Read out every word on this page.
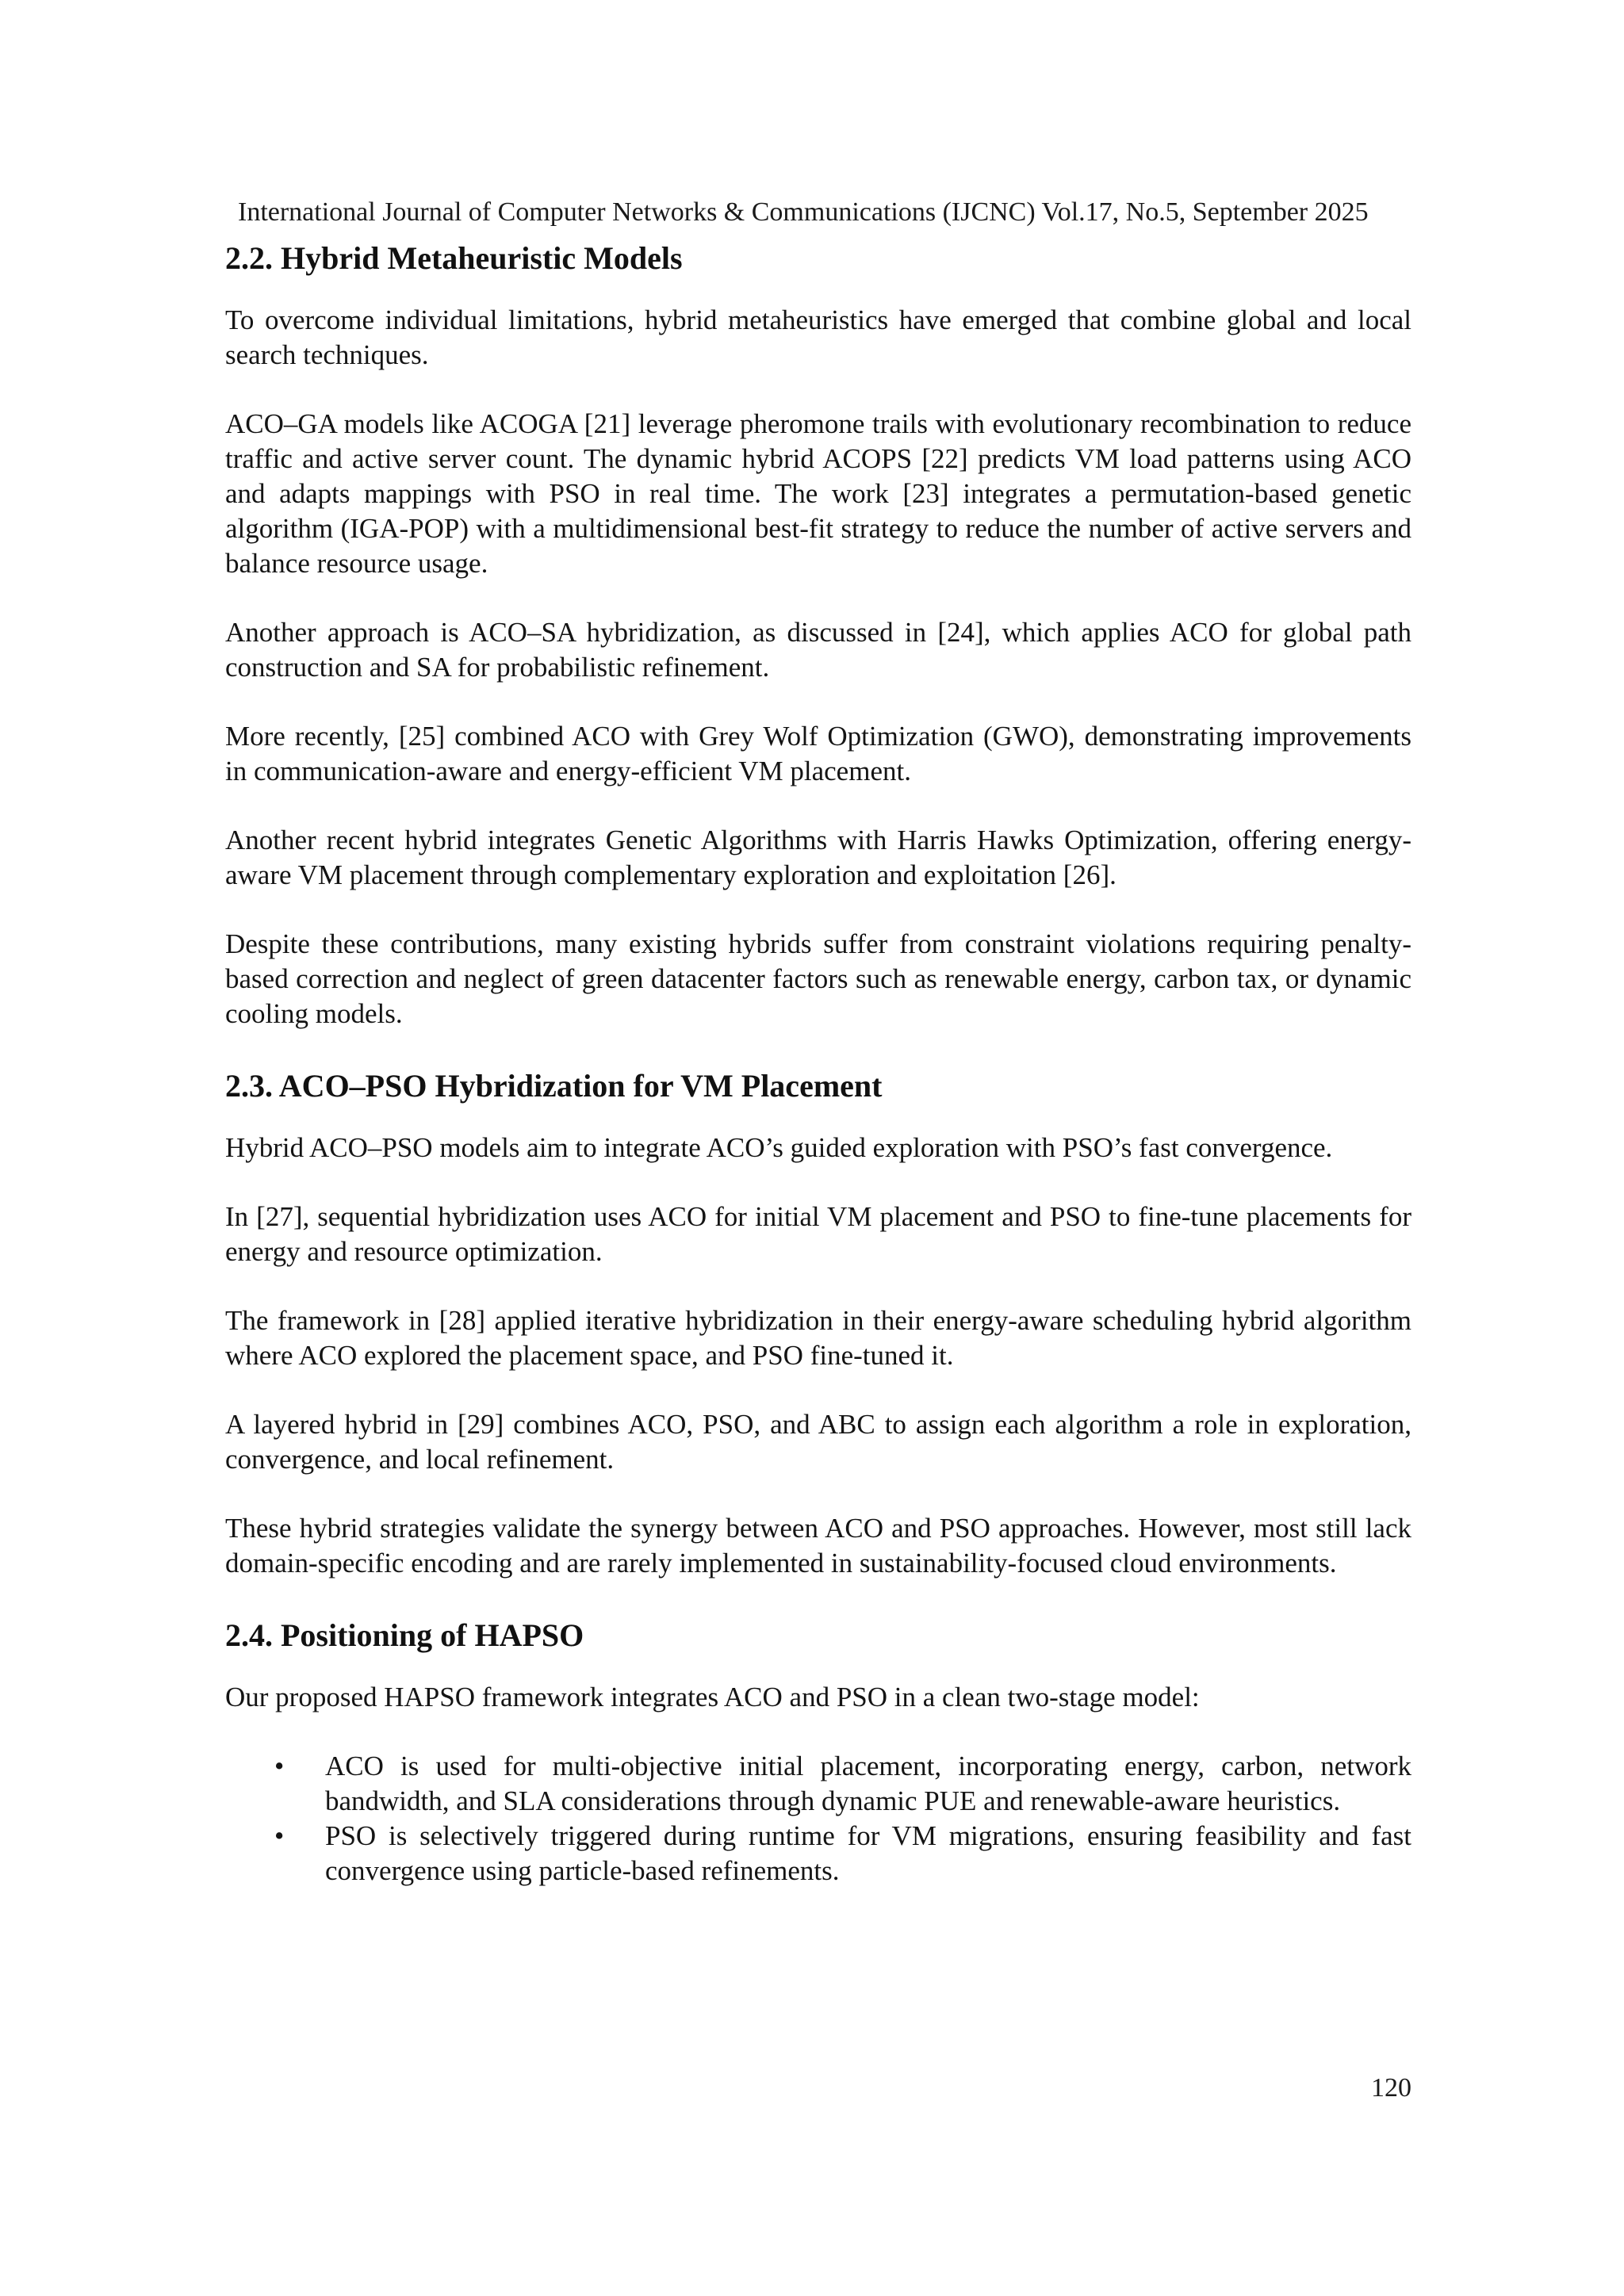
International Journal of Computer Networks & Communications (IJCNC) Vol.17, No.5, September 2025
2.2. Hybrid Metaheuristic Models

To overcome individual limitations, hybrid metaheuristics have emerged that combine global and local search techniques.

ACO–GA models like ACOGA [21] leverage pheromone trails with evolutionary recombination to reduce traffic and active server count. The dynamic hybrid ACOPS [22] predicts VM load patterns using ACO and adapts mappings with PSO in real time. The work [23] integrates a permutation-based genetic algorithm (IGA-POP) with a multidimensional best-fit strategy to reduce the number of active servers and balance resource usage.

Another approach is ACO–SA hybridization, as discussed in [24], which applies ACO for global path construction and SA for probabilistic refinement.

More recently, [25] combined ACO with Grey Wolf Optimization (GWO), demonstrating improvements in communication-aware and energy-efficient VM placement.

Another recent hybrid integrates Genetic Algorithms with Harris Hawks Optimization, offering energy-aware VM placement through complementary exploration and exploitation [26].

Despite these contributions, many existing hybrids suffer from constraint violations requiring penalty-based correction and neglect of green datacenter factors such as renewable energy, carbon tax, or dynamic cooling models.

2.3. ACO–PSO Hybridization for VM Placement

Hybrid ACO–PSO models aim to integrate ACO’s guided exploration with PSO’s fast convergence.

In [27], sequential hybridization uses ACO for initial VM placement and PSO to fine-tune placements for energy and resource optimization.

The framework in [28] applied iterative hybridization in their energy-aware scheduling hybrid algorithm where ACO explored the placement space, and PSO fine-tuned it.

A layered hybrid in [29] combines ACO, PSO, and ABC to assign each algorithm a role in exploration, convergence, and local refinement.

These hybrid strategies validate the synergy between ACO and PSO approaches. However, most still lack domain-specific encoding and are rarely implemented in sustainability-focused cloud environments.

2.4. Positioning of HAPSO

Our proposed HAPSO framework integrates ACO and PSO in a clean two-stage model:

• ACO is used for multi-objective initial placement, incorporating energy, carbon, network bandwidth, and SLA considerations through dynamic PUE and renewable-aware heuristics.
• PSO is selectively triggered during runtime for VM migrations, ensuring feasibility and fast convergence using particle-based refinements.
120
